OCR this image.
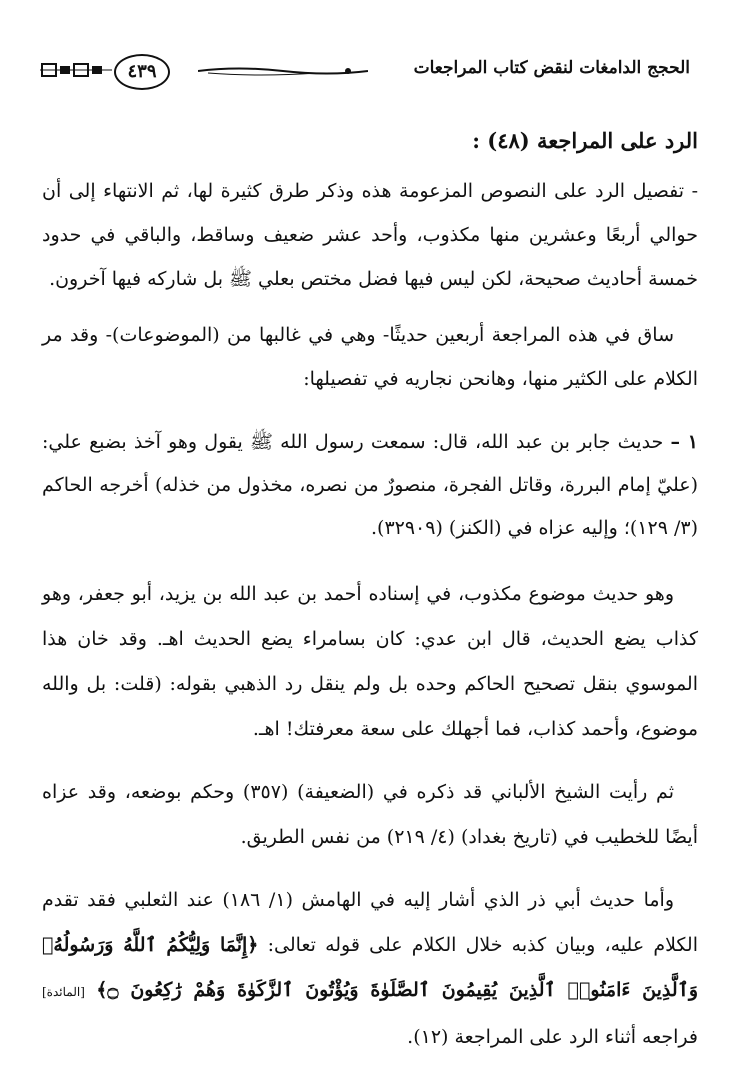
الحجج الدامغات لنقض كتاب المراجعات
٤٣٩
الرد على المراجعة (٤٨) :

- تفصيل الرد على النصوص المزعومة هذه وذكر طرق كثيرة لها، ثم الانتهاء إلى أن حوالي أربعًا وعشرين منها مكذوب، وأحد عشر ضعيف وساقط، والباقي في حدود خمسة أحاديث صحيحة، لكن ليس فيها فضل مختص بعلي ﷺ بل شاركه فيها آخرون.

ساق في هذه المراجعة أربعين حديثًا- وهي في غالبها من (الموضوعات)- وقد مر الكلام على الكثير منها، وهانحن نجاريه في تفصيلها:

١ – حديث جابر بن عبد الله، قال: سمعت رسول الله ﷺ يقول وهو آخذ بضبع علي: (عليّ إمام البررة، وقاتل الفجرة، منصورٌ من نصره، مخذول من خذله) أخرجه الحاكم (٣/ ١٢٩)؛ وإليه عزاه في (الكنز) (٣٢٩٠٩).

وهو حديث موضوع مكذوب، في إسناده أحمد بن عبد الله بن يزيد، أبو جعفر، وهو كذاب يضع الحديث، قال ابن عدي: كان بسامراء يضع الحديث اهـ. وقد خان هذا الموسوي بنقل تصحيح الحاكم وحده بل ولم ينقل رد الذهبي بقوله: (قلت: بل والله موضوع، وأحمد كذاب، فما أجهلك على سعة معرفتك! اهـ.

ثم رأيت الشيخ الألباني قد ذكره في (الضعيفة) (٣٥٧) وحكم بوضعه، وقد عزاه أيضًا للخطيب في (تاريخ بغداد) (٤/ ٢١٩) من نفس الطريق.

وأما حديث أبي ذر الذي أشار إليه في الهامش (١/ ١٨٦) عند الثعلبي فقد تقدم الكلام عليه، وبيان كذبه خلال الكلام على قوله تعالى: ﴿إِنَّمَا وَلِيُّكُمُ ٱللَّهُ وَرَسُولُهُۥ وَٱلَّذِينَ ءَامَنُوا۟ ٱلَّذِينَ يُقِيمُونَ ٱلصَّلَوٰةَ وَيُؤْتُونَ ٱلزَّكَوٰةَ وَهُمْ رَٰكِعُونَ ۝﴾ [المائدة] فراجعه أثناء الرد على المراجعة (١٢).
